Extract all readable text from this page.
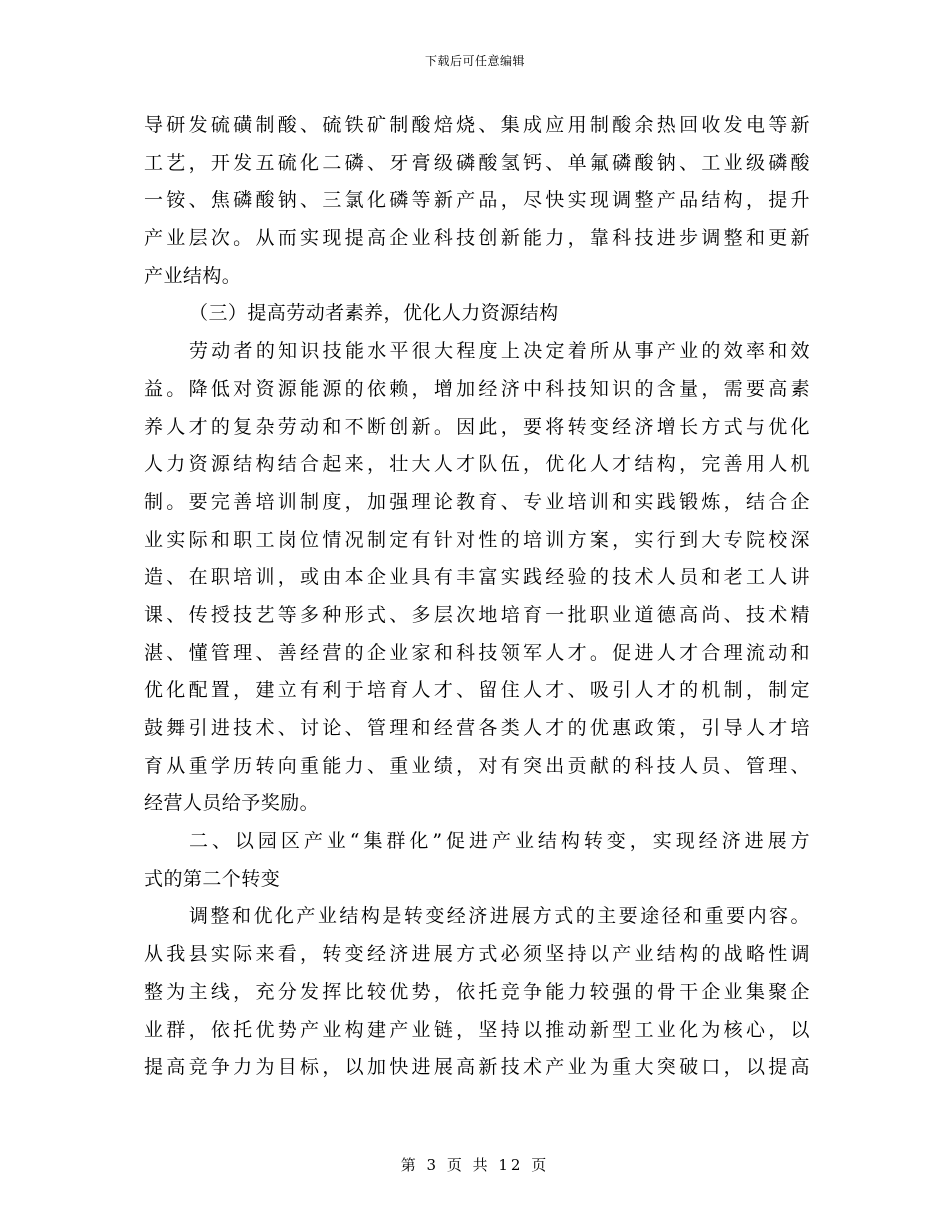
下载后可任意编辑
导研发硫磺制酸、硫铁矿制酸焙烧、集成应用制酸余热回收发电等新
工艺，开发五硫化二磷、牙膏级磷酸氢钙、单氟磷酸钠、工业级磷酸
一铵、焦磷酸钠、三氯化磷等新产品，尽快实现调整产品结构，提升
产业层次。从而实现提高企业科技创新能力，靠科技进步调整和更新
产业结构。
（三）提高劳动者素养，优化人力资源结构
劳动者的知识技能水平很大程度上决定着所从事产业的效率和效
益。降低对资源能源的依赖，增加经济中科技知识的含量，需要高素
养人才的复杂劳动和不断创新。因此，要将转变经济增长方式与优化
人力资源结构结合起来，壮大人才队伍，优化人才结构，完善用人机
制。要完善培训制度，加强理论教育、专业培训和实践锻炼，结合企
业实际和职工岗位情况制定有针对性的培训方案，实行到大专院校深
造、在职培训，或由本企业具有丰富实践经验的技术人员和老工人讲
课、传授技艺等多种形式、多层次地培育一批职业道德高尚、技术精
湛、懂管理、善经营的企业家和科技领军人才。促进人才合理流动和
优化配置，建立有利于培育人才、留住人才、吸引人才的机制，制定
鼓舞引进技术、讨论、管理和经营各类人才的优惠政策，引导人才培
育从重学历转向重能力、重业绩，对有突出贡献的科技人员、管理、
经营人员给予奖励。
二、以园区产业“集群化”促进产业结构转变，实现经济进展方
式的第二个转变
调整和优化产业结构是转变经济进展方式的主要途径和重要内容。
从我县实际来看，转变经济进展方式必须坚持以产业结构的战略性调
整为主线，充分发挥比较优势，依托竞争能力较强的骨干企业集聚企
业群，依托优势产业构建产业链，坚持以推动新型工业化为核心，以
提高竞争力为目标，以加快进展高新技术产业为重大突破口，以提高
第 3 页 共 12 页
